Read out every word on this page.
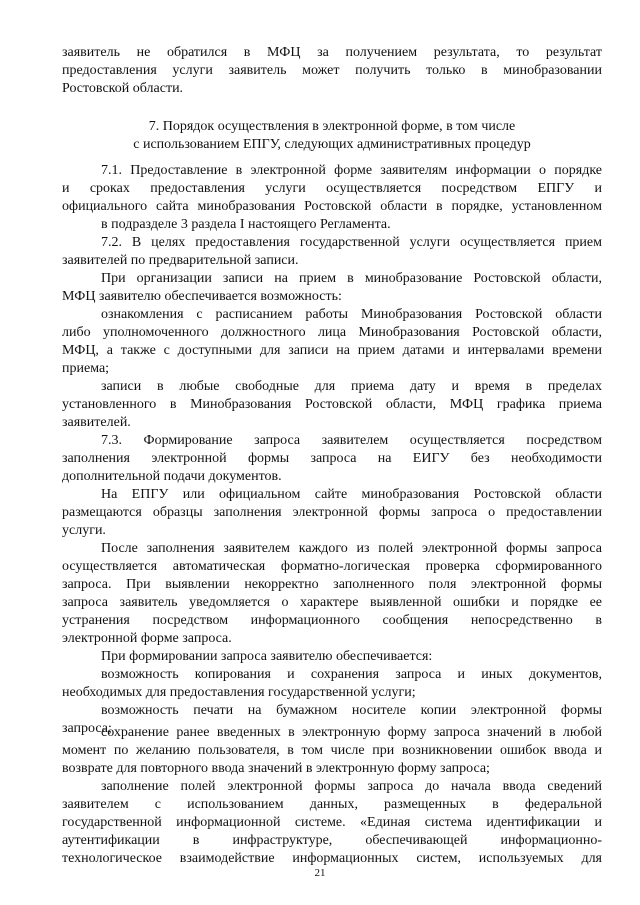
заявитель не обратился в МФЦ за получением результата, то результат
предоставления услуги заявитель может получить только в минобразовании
Ростовской области.
7. Порядок осуществления в электронной форме, в том числе
с использованием ЕПГУ, следующих административных процедур
7.1. Предоставление в электронной форме заявителям информации о порядке
и сроках предоставления услуги осуществляется посредством ЕПГУ и
официального сайта минобразования Ростовской области в порядке, установленном
в подразделе 3 раздела I настоящего Регламента.
7.2. В целях предоставления государственной услуги осуществляется прием
заявителей по предварительной записи.
При организации записи на прием в минобразование Ростовской области,
МФЦ заявителю обеспечивается возможность:
ознакомления с расписанием работы Минобразования Ростовской области
либо уполномоченного должностного лица Минобразования Ростовской области,
МФЦ, а также с доступными для записи на прием датами и интервалами времени
приема;
записи в любые свободные для приема дату и время в пределах
установленного в Минобразования Ростовской области, МФЦ графика приема
заявителей.
7.3. Формирование запроса заявителем осуществляется посредством
заполнения электронной формы запроса на ЕИГУ без необходимости
дополнительной подачи документов.
На ЕПГУ или официальном сайте минобразования Ростовской области
размещаются образцы заполнения электронной формы запроса о предоставлении
услуги.
После заполнения заявителем каждого из полей электронной формы запроса
осуществляется автоматическая форматно-логическая проверка сформированного
запроса. При выявлении некорректно заполненного поля электронной формы
запроса заявитель уведомляется о характере выявленной ошибки и порядке ее
устранения посредством информационного сообщения непосредственно в
электронной форме запроса.
При формировании запроса заявителю обеспечивается:
возможность копирования и сохранения запроса и иных документов,
необходимых для предоставления государственной услуги;
возможность печати на бумажном носителе копии электронной формы
запроса;
сохранение ранее введенных в электронную форму запроса значений в любой
момент по желанию пользователя, в том числе при возникновении ошибок ввода и
возврате для повторного ввода значений в электронную форму запроса;
заполнение полей электронной формы запроса до начала ввода сведений
заявителем с использованием данных, размещенных в федеральной
государственной информационной системе. «Единая система идентификации и
аутентификации в инфраструктуре, обеспечивающей информационно-
технологическое взаимодействие информационных систем, используемых для
21
